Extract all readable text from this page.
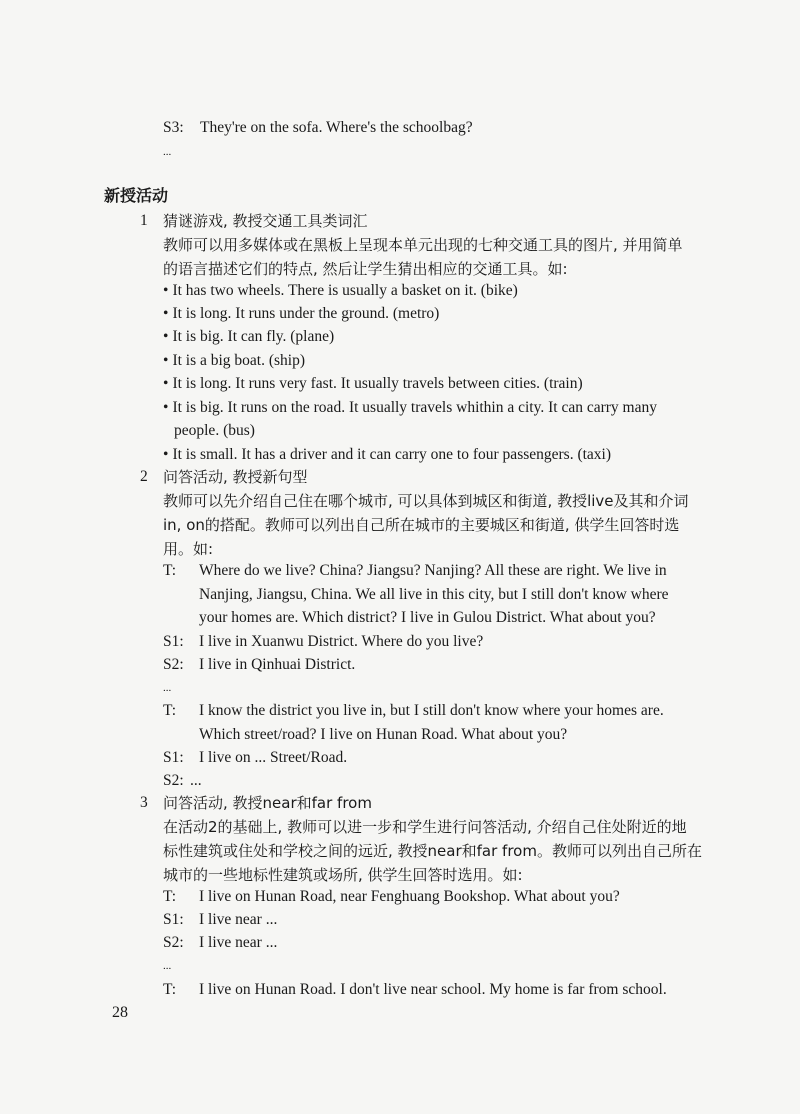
S3: They're on the sofa. Where's the schoolbag?
...
新授活动
1 猜谜游戏, 教授交通工具类词汇
教师可以用多媒体或在黑板上呈现本单元出现的七种交通工具的图片, 并用简单
的语言描述它们的特点, 然后让学生猜出相应的交通工具。如:
• It has two wheels. There is usually a basket on it. (bike)
• It is long. It runs under the ground. (metro)
• It is big. It can fly. (plane)
• It is a big boat. (ship)
• It is long. It runs very fast. It usually travels between cities. (train)
• It is big. It runs on the road. It usually travels whithin a city. It can carry many
people. (bus)
• It is small. It has a driver and it can carry one to four passengers. (taxi)
2 问答活动, 教授新句型
教师可以先介绍自己住在哪个城市, 可以具体到城区和街道, 教授live及其和介词
in, on的搭配。教师可以列出自己所在城市的主要城区和街道, 供学生回答时选
用。如:
T: Where do we live? China? Jiangsu? Nanjing? All these are right. We live in
Nanjing, Jiangsu, China. We all live in this city, but I still don't know where
your homes are. Which district? I live in Gulou District. What about you?
S1: I live in Xuanwu District. Where do you live?
S2: I live in Qinhuai District.
...
T: I know the district you live in, but I still don't know where your homes are.
Which street/road? I live on Hunan Road. What about you?
S1: I live on ... Street/Road.
S2: ...
3 问答活动, 教授near和far from
在活动2的基础上, 教师可以进一步和学生进行问答活动, 介绍自己住处附近的地
标性建筑或住处和学校之间的远近, 教授near和far from。教师可以列出自己所在
城市的一些地标性建筑或场所, 供学生回答时选用。如:
T: I live on Hunan Road, near Fenghuang Bookshop. What about you?
S1: I live near ...
S2: I live near ...
...
T: I live on Hunan Road. I don't live near school. My home is far from school.
28
